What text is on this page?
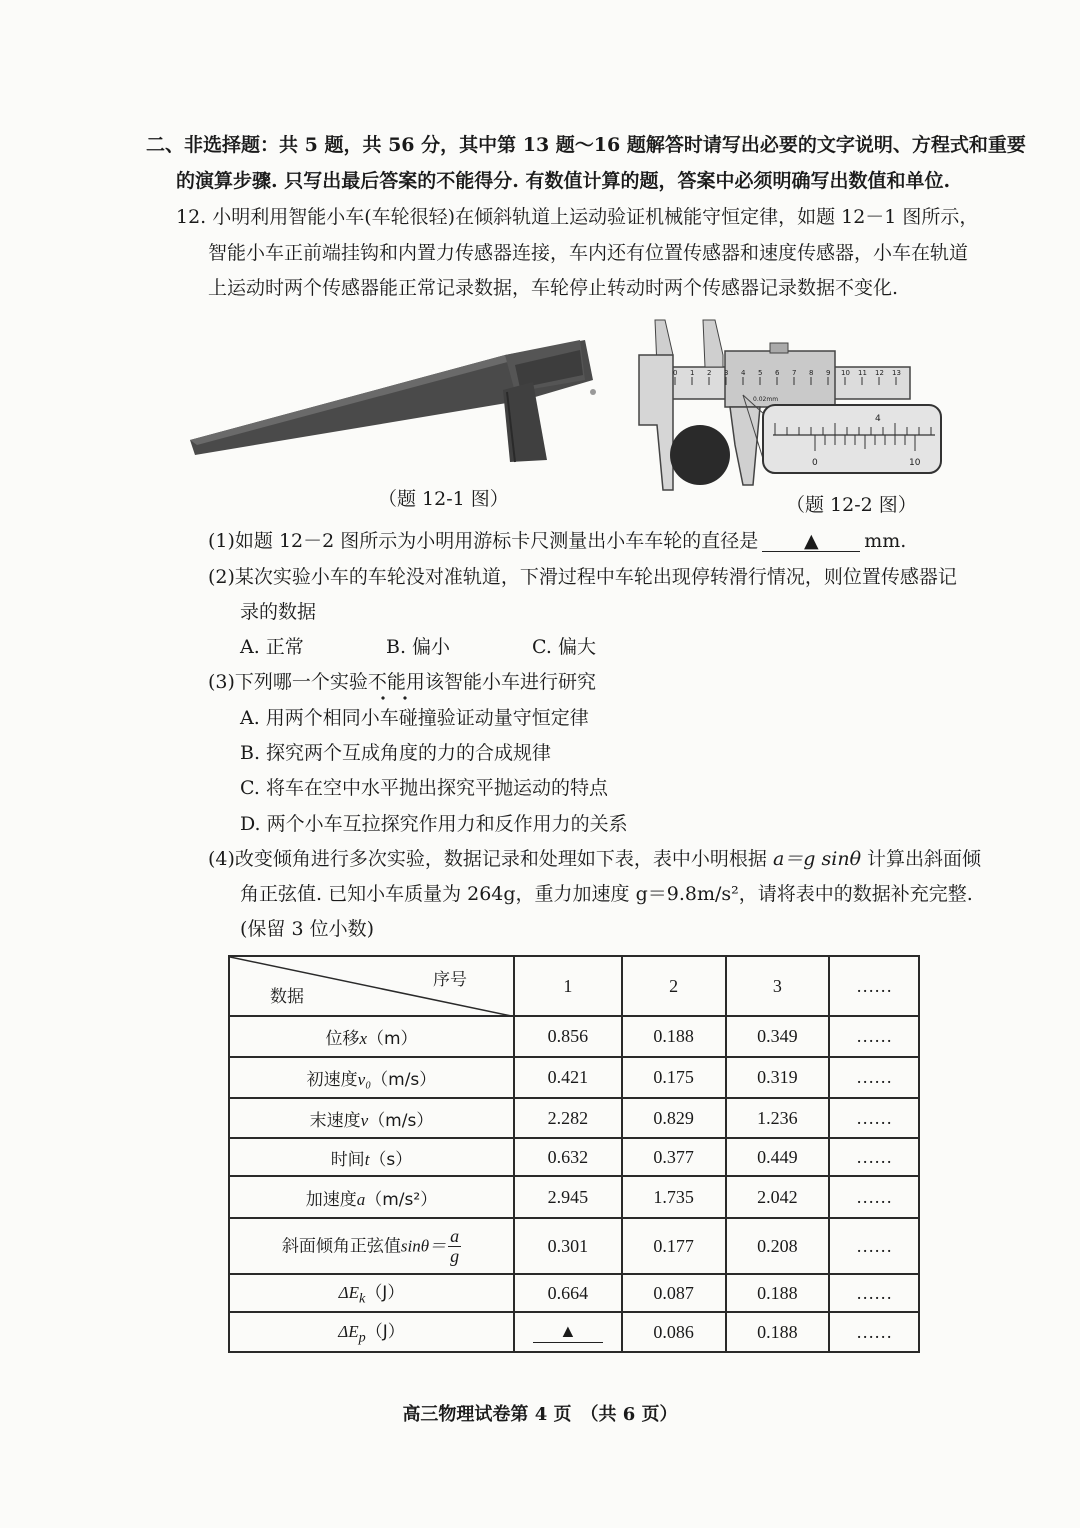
二、非选择题：共 5 题，共 56 分，其中第 13 题～16 题解答时请写出必要的文字说明、方程式和重要
的演算步骤. 只写出最后答案的不能得分. 有数值计算的题，答案中必须明确写出数值和单位.
12. 小明利用智能小车(车轮很轻)在倾斜轨道上运动验证机械能守恒定律，如题 12－1 图所示，
智能小车正前端挂钩和内置力传感器连接，车内还有位置传感器和速度传感器，小车在轨道
上运动时两个传感器能正常记录数据，车轮停止转动时两个传感器记录数据不变化.
（题 12-1 图）
0 1 2 3 4 5 6 7 8 9 10 11 12 13
0.02mm
4
0	10
（题 12-2 图）
(1)如题 12－2 图所示为小明用游标卡尺测量出小车车轮的直径是 ▲ mm.
(2)某次实验小车的车轮没对准轨道，下滑过程中车轮出现停转滑行情况，则位置传感器记
录的数据
A. 正常	B. 偏小	C. 偏大
(3)下列哪一个实验不能用该智能小车进行研究
A. 用两个相同小车碰撞验证动量守恒定律
B. 探究两个互成角度的力的合成规律
C. 将车在空中水平抛出探究平抛运动的特点
D. 两个小车互拉探究作用力和反作用力的关系
(4)改变倾角进行多次实验，数据记录和处理如下表，表中小明根据 a＝g sinθ 计算出斜面倾
角正弦值. 已知小车质量为 264g，重力加速度 g＝9.8m/s²，请将表中的数据补充完整.
(保留 3 位小数)
序号
数据	1	2	3	……
位移x（m）	0.856	0.188	0.349	……
初速度v₀（m/s）	0.421	0.175	0.319	……
末速度v（m/s）	2.282	0.829	1.236	……
时间t（s）	0.632	0.377	0.449	……
加速度a（m/s²）	2.945	1.735	2.042	……
斜面倾角正弦值$\sin\theta= \frac{a}{g}$	0.301	0.177	0.208	……
$\Delta E_k(J)$	0.664	0.087	0.188	……
$\Delta E_p(J)$	▲	0.086	0.188	……
高三物理试卷第 4 页　（共 6 页）
